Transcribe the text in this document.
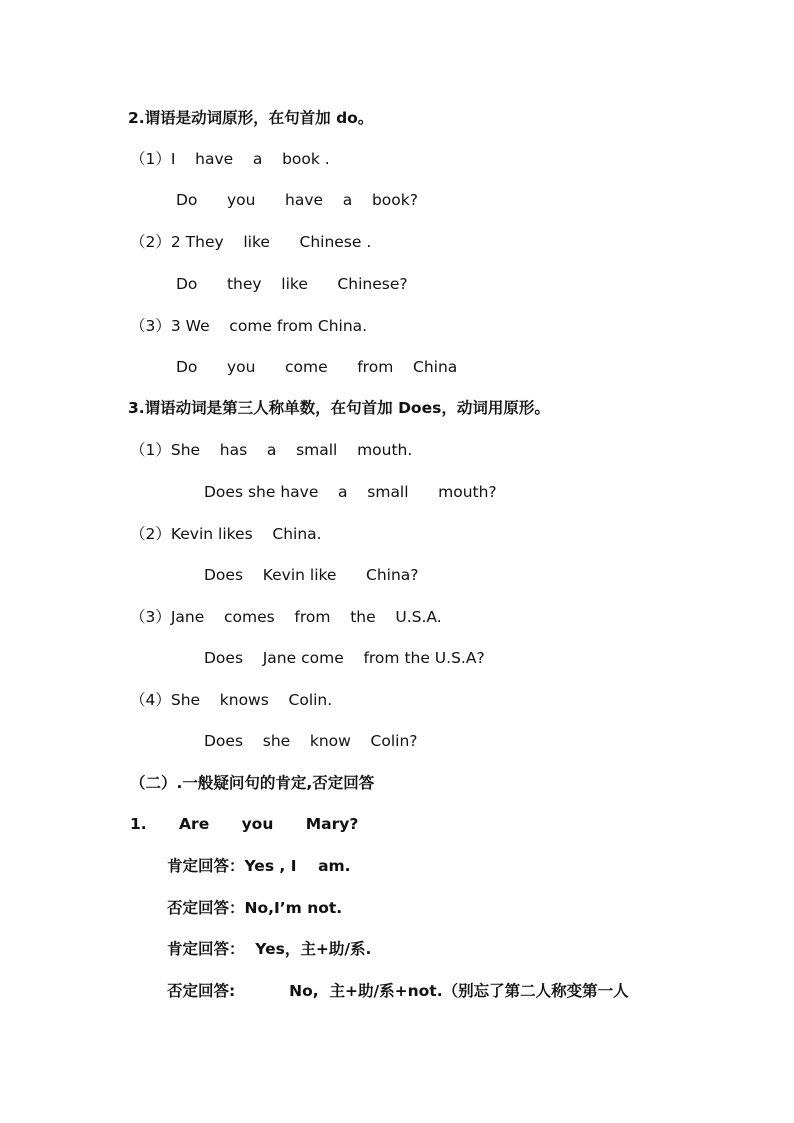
2.谓语是动词原形，在句首加 do。
（1）I    have    a    book .
Do      you      have    a    book?
（2）2 They    like      Chinese .
Do      they    like      Chinese?
（3）3 We    come from China.
Do      you      come      from    China
3.谓语动词是第三人称单数，在句首加 Does，动词用原形。
（1）She    has    a    small    mouth.
Does she have    a    small      mouth?
（2）Kevin likes    China.
Does    Kevin like      China?
（3）Jane    comes    from    the    U.S.A.
Does    Jane come    from the U.S.A?
（4）She    knows    Colin.
Does    she    know    Colin?
（二）.一般疑问句的肯定,否定回答
1.      Are      you      Mary?
肯定回答：Yes , I    am.
否定回答：No,I’m not.
肯定回答：  Yes，主+助/系.
否定回答:          No,  主+助/系+not.（别忘了第二人称变第一人
